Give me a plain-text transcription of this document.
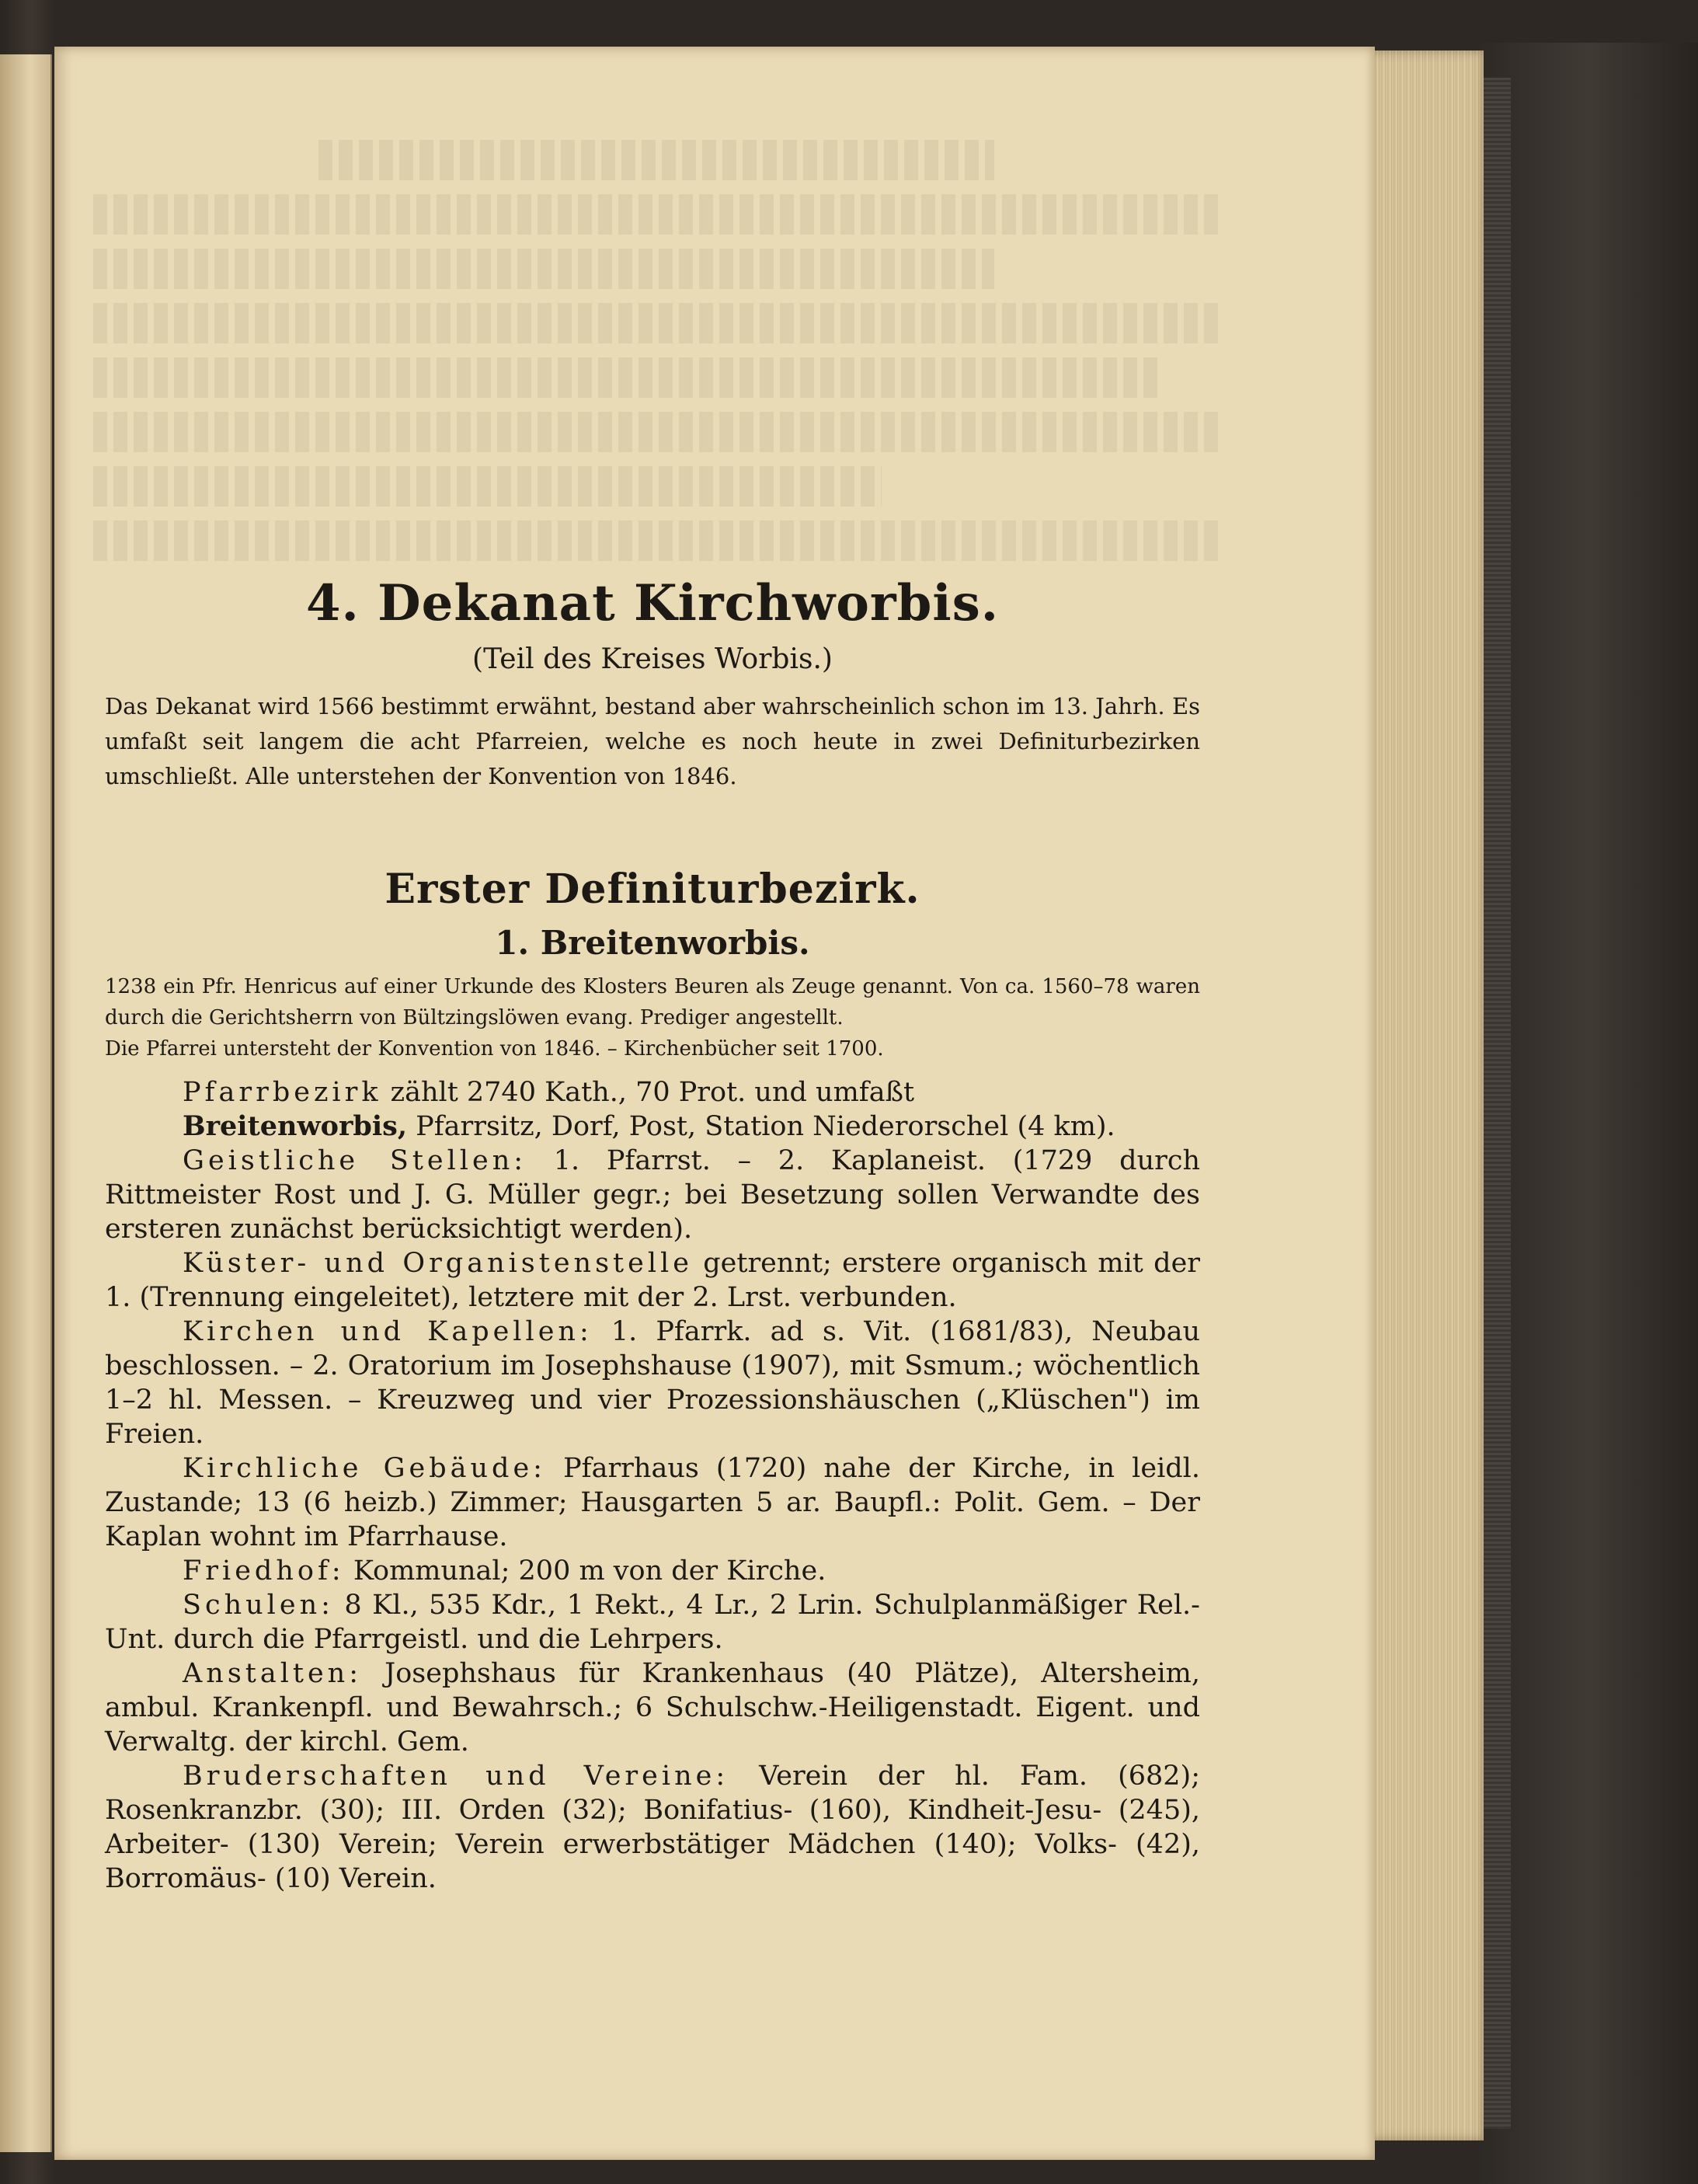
4. Dekanat Kirchworbis.
(Teil des Kreises Worbis.)

Das Dekanat wird 1566 bestimmt erwähnt, bestand aber wahrscheinlich schon im 13. Jahrh. Es umfaßt seit langem die acht Pfarreien, welche es noch heute in zwei Definiturbezirken umschließt. Alle unterstehen der Konvention von 1846.

Erster Definiturbezirk.
1. Breitenworbis.

1238 ein Pfr. Henricus auf einer Urkunde des Klosters Beuren als Zeuge genannt. Von ca. 1560–78 waren durch die Gerichtsherrn von Bültzingslöwen evang. Prediger angestellt.
Die Pfarrei untersteht der Konvention von 1846. – Kirchenbücher seit 1700.

Pfarrbezirk zählt 2740 Kath., 70 Prot. und umfaßt

Breitenworbis, Pfarrsitz, Dorf, Post, Station Niederorschel (4 km).

Geistliche Stellen: 1. Pfarrst. – 2. Kaplaneist. (1729 durch Rittmeister Rost und J. G. Müller gegr.; bei Besetzung sollen Verwandte des ersteren zunächst berücksichtigt werden).

Küster- und Organistenstelle getrennt; erstere organisch mit der 1. (Trennung eingeleitet), letztere mit der 2. Lrst. verbunden.

Kirchen und Kapellen: 1. Pfarrk. ad s. Vit. (1681/83), Neubau beschlossen. – 2. Oratorium im Josephshause (1907), mit Ssmum.; wöchentlich 1–2 hl. Messen. – Kreuzweg und vier Prozessionshäuschen („Klüschen") im Freien.

Kirchliche Gebäude: Pfarrhaus (1720) nahe der Kirche, in leidl. Zustande; 13 (6 heizb.) Zimmer; Hausgarten 5 ar. Baupfl.: Polit. Gem. – Der Kaplan wohnt im Pfarrhause.

Friedhof: Kommunal; 200 m von der Kirche.

Schulen: 8 Kl., 535 Kdr., 1 Rekt., 4 Lr., 2 Lrin. Schulplanmäßiger Rel.-Unt. durch die Pfarrgeistl. und die Lehrpers.

Anstalten: Josephshaus für Krankenhaus (40 Plätze), Altersheim, ambul. Krankenpfl. und Bewahrsch.; 6 Schulschw.-Heiligenstadt. Eigent. und Verwaltg. der kirchl. Gem.

Bruderschaften und Vereine: Verein der hl. Fam. (682); Rosenkranzbr. (30); III. Orden (32); Bonifatius- (160), Kindheit-Jesu- (245), Arbeiter- (130) Verein; Verein erwerbstätiger Mädchen (140); Volks- (42), Borromäus- (10) Verein.
